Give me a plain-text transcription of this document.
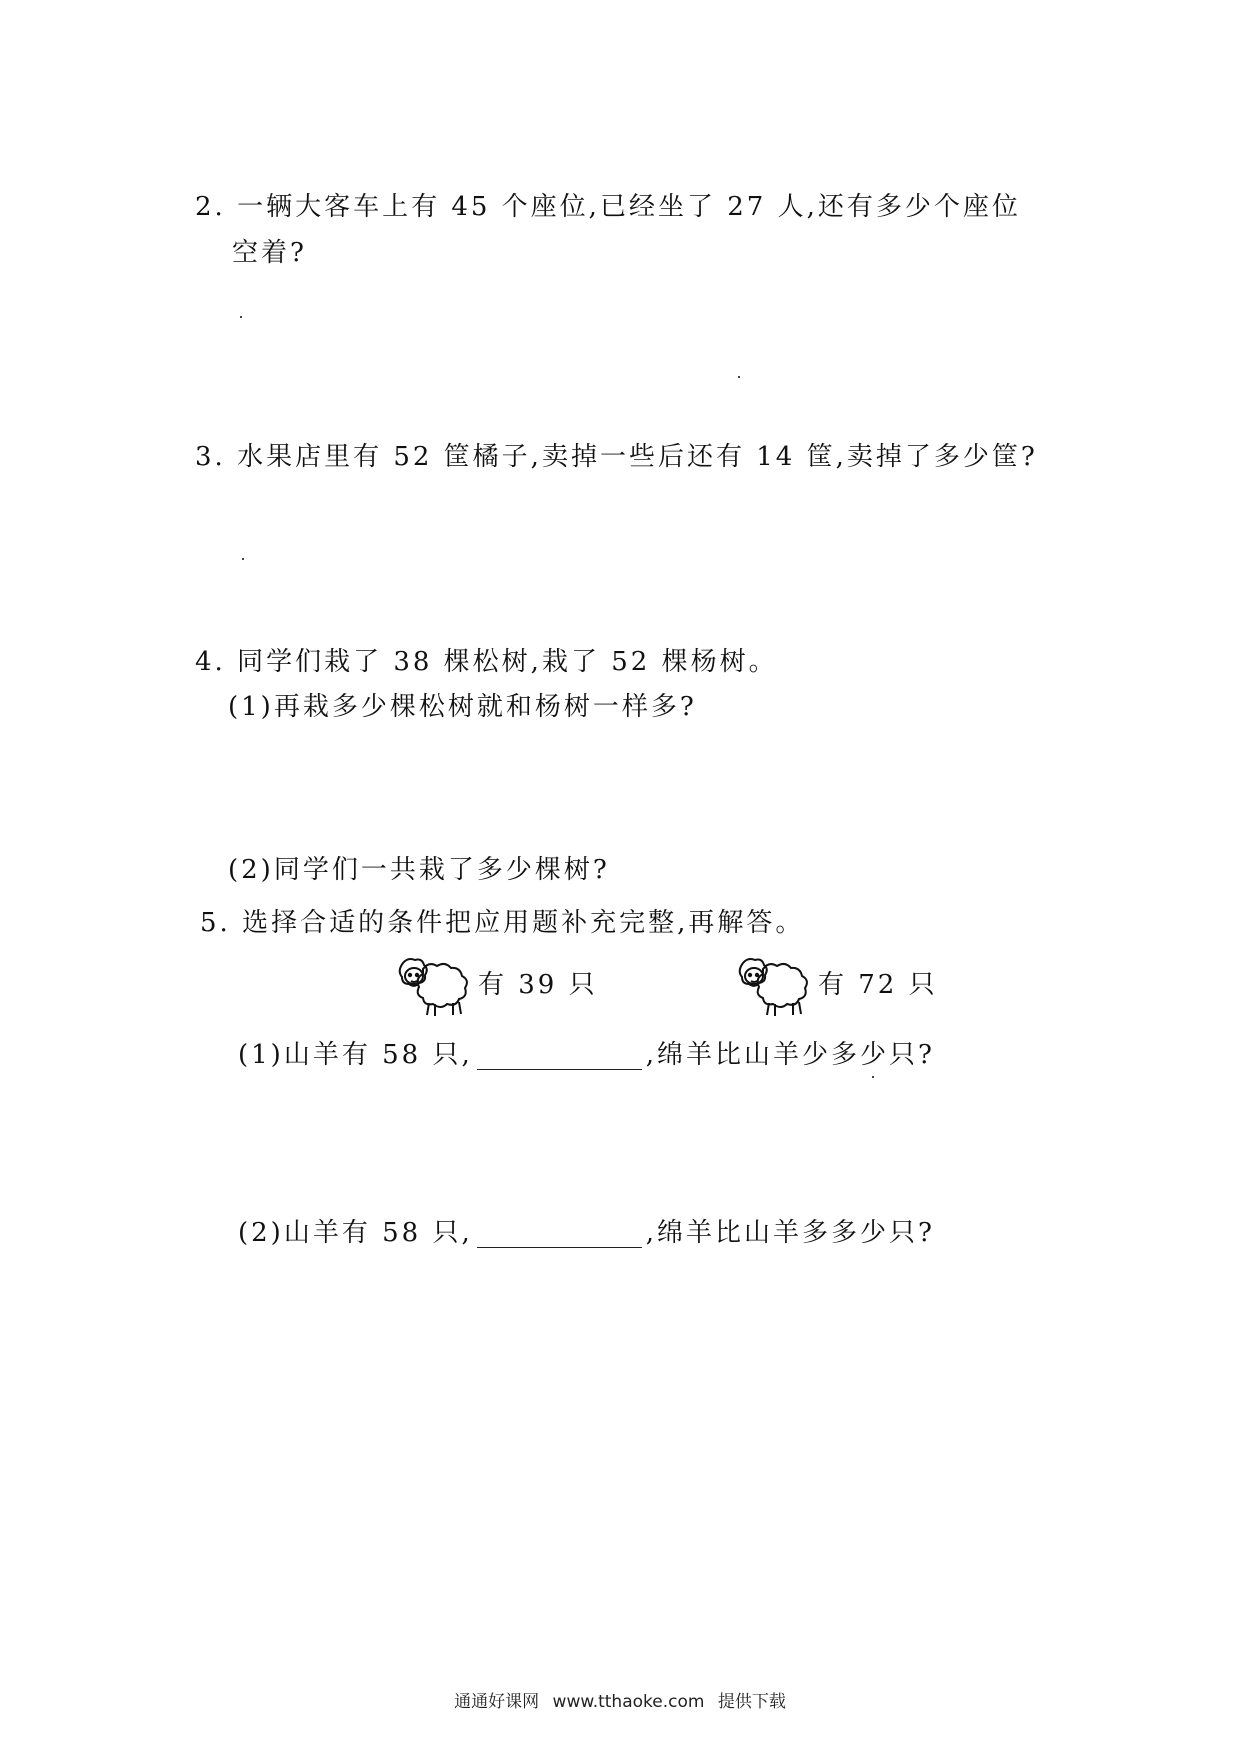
2. 一辆大客车上有 45 个座位,已经坐了 27 人,还有多少个座位
空着?
3. 水果店里有 52 筐橘子,卖掉一些后还有 14 筐,卖掉了多少筐?
4. 同学们栽了 38 棵松树,栽了 52 棵杨树。
(1)再栽多少棵松树就和杨树一样多?
(2)同学们一共栽了多少棵树?
5. 选择合适的条件把应用题补充完整,再解答。
有 39 只	有 72 只
(1)山羊有 58 只,	,绵羊比山羊少多少只?
(2)山羊有 58 只,	,绵羊比山羊多多少只?
通通好课网 www.tthaoke.com 提供下载
